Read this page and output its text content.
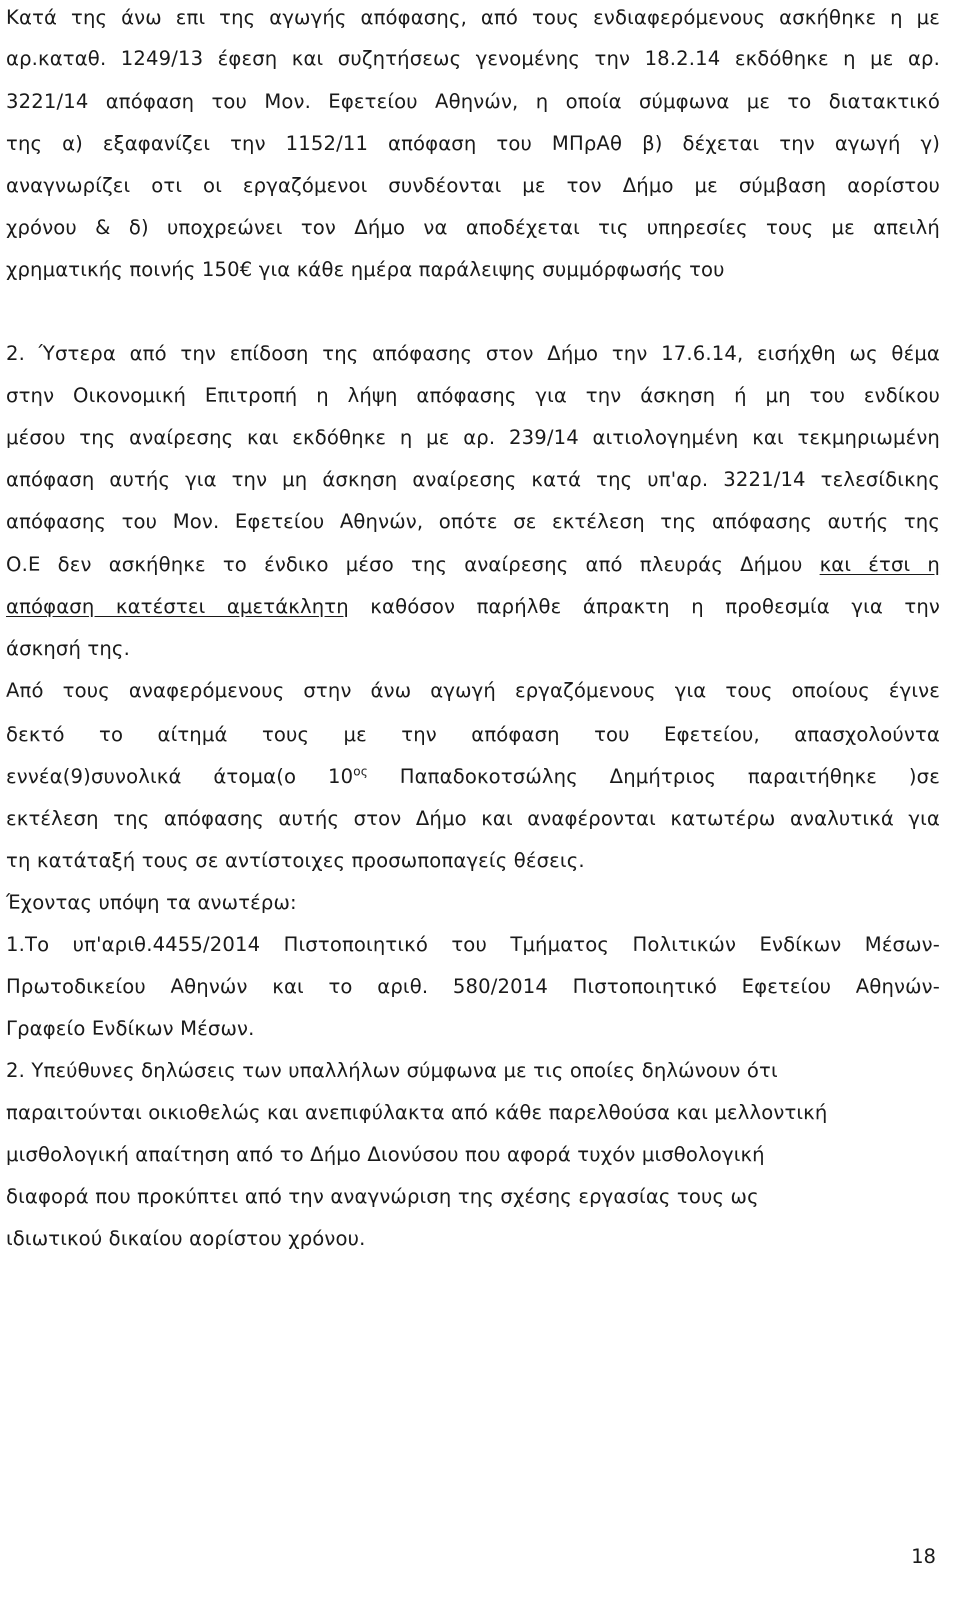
Κατά της άνω επι της αγωγής απόφασης, από τους ενδιαφερόμενους ασκήθηκε η με
αρ.καταθ. 1249/13 έφεση και συζητήσεως γενομένης την 18.2.14 εκδόθηκε η με αρ.
3221/14 απόφαση του Μον. Εφετείου Αθηνών, η οποία σύμφωνα με το διατακτικό
της α) εξαφανίζει την 1152/11 απόφαση του ΜΠρΑθ β) δέχεται την αγωγή γ)
αναγνωρίζει οτι οι εργαζόμενοι συνδέονται με τον Δήμο με σύμβαση αορίστου
χρόνου & δ) υποχρεώνει τον Δήμο να αποδέχεται τις υπηρεσίες τους με απειλή
χρηματικής ποινής 150€ για κάθε ημέρα παράλειψης συμμόρφωσής του
2. Ύστερα από την επίδοση της απόφασης στον Δήμο την 17.6.14, εισήχθη ως θέμα
στην Οικονομική Επιτροπή η λήψη απόφασης για την άσκηση ή μη του ενδίκου
μέσου της αναίρεσης και εκδόθηκε η με αρ. 239/14 αιτιολογημένη και τεκμηριωμένη
απόφαση αυτής για την μη άσκηση αναίρεσης κατά της υπ'αρ. 3221/14 τελεσίδικης
απόφασης του Μον. Εφετείου Αθηνών, οπότε σε εκτέλεση της απόφασης αυτής της
Ο.Ε δεν ασκήθηκε το ένδικο μέσο της αναίρεσης από πλευράς Δήμου και έτσι η
απόφαση κατέστει αμετάκλητη καθόσον παρήλθε άπρακτη η προθεσμία για την
άσκησή της.
Από τους αναφερόμενους στην άνω αγωγή εργαζόμενους για τους οποίους έγινε
δεκτό το αίτημά τους με την απόφαση του Εφετείου, απασχολούντα
εννέα(9)συνολικά άτομα(ο $10^{o\varsigma}$ Παπαδοκοτσώλης Δημήτριος παραιτήθηκε )σε
εκτέλεση της απόφασης αυτής στον Δήμο και αναφέρονται κατωτέρω αναλυτικά για
τη κατάταξή τους σε αντίστοιχες προσωποπαγείς θέσεις.
Έχοντας υπόψη τα ανωτέρω:
1.Το υπ'αριθ.4455/2014 Πιστοποιητικό του Τμήματος Πολιτικών Ενδίκων Μέσων-
Πρωτοδικείου Αθηνών και το αριθ. 580/2014 Πιστοποιητικό Εφετείου Αθηνών-
Γραφείο Ενδίκων Μέσων.
2. Υπεύθυνες δηλώσεις των υπαλλήλων σύμφωνα με τις οποίες δηλώνουν ότι
παραιτούνται οικιοθελώς και ανεπιφύλακτα από κάθε παρελθούσα και μελλοντική
μισθολογική απαίτηση από το Δήμο Διονύσου που αφορά τυχόν μισθολογική
διαφορά που προκύπτει από την αναγνώριση της σχέσης εργασίας τους ως
ιδιωτικού δικαίου αορίστου χρόνου.
18
